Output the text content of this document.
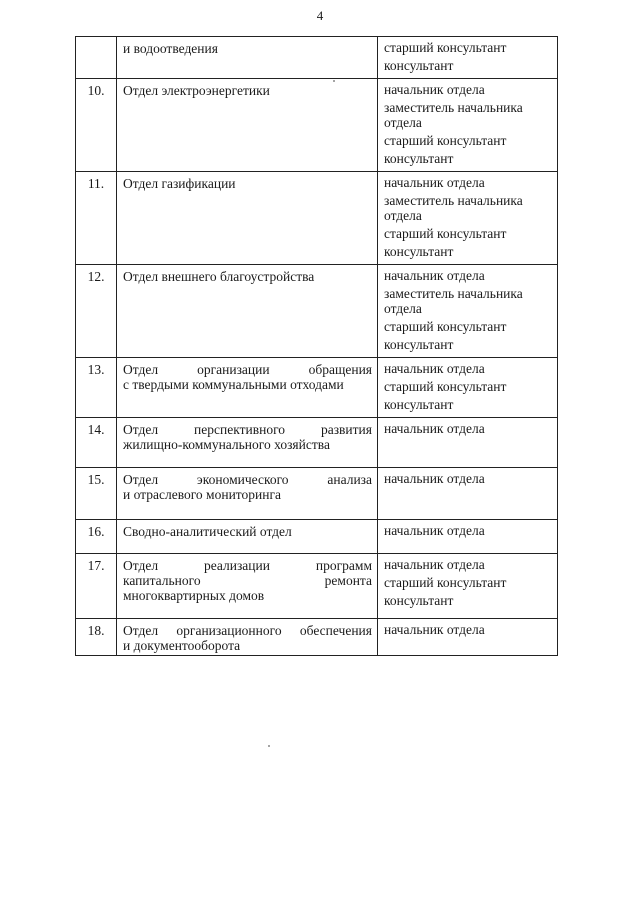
4

	и водоотведения	старший консультант
консультант

10.	Отдел электроэнергетики	начальник отдела
заместитель начальника отдела
старший консультант
консультант

11.	Отдел газификации	начальник отдела
заместитель начальника отдела
старший консультант
консультант

12.	Отдел внешнего благоустройства	начальник отдела
заместитель начальника отдела
старший консультант
консультант

13.	Отдел организации обращения
с твердыми коммунальными отходами	начальник отдела
старший консультант
консультант

14.	Отдел перспективного развития
жилищно-коммунального хозяйства	начальник отдела

15.	Отдел экономического анализа
и отраслевого мониторинга	начальник отдела

16.	Сводно-аналитический отдел	начальник отдела

17.	Отдел реализации программ
капитального ремонта
многоквартирных домов	начальник отдела
старший консультант
консультант

18.	Отдел организационного обеспечения
и документооборота	начальник отдела
